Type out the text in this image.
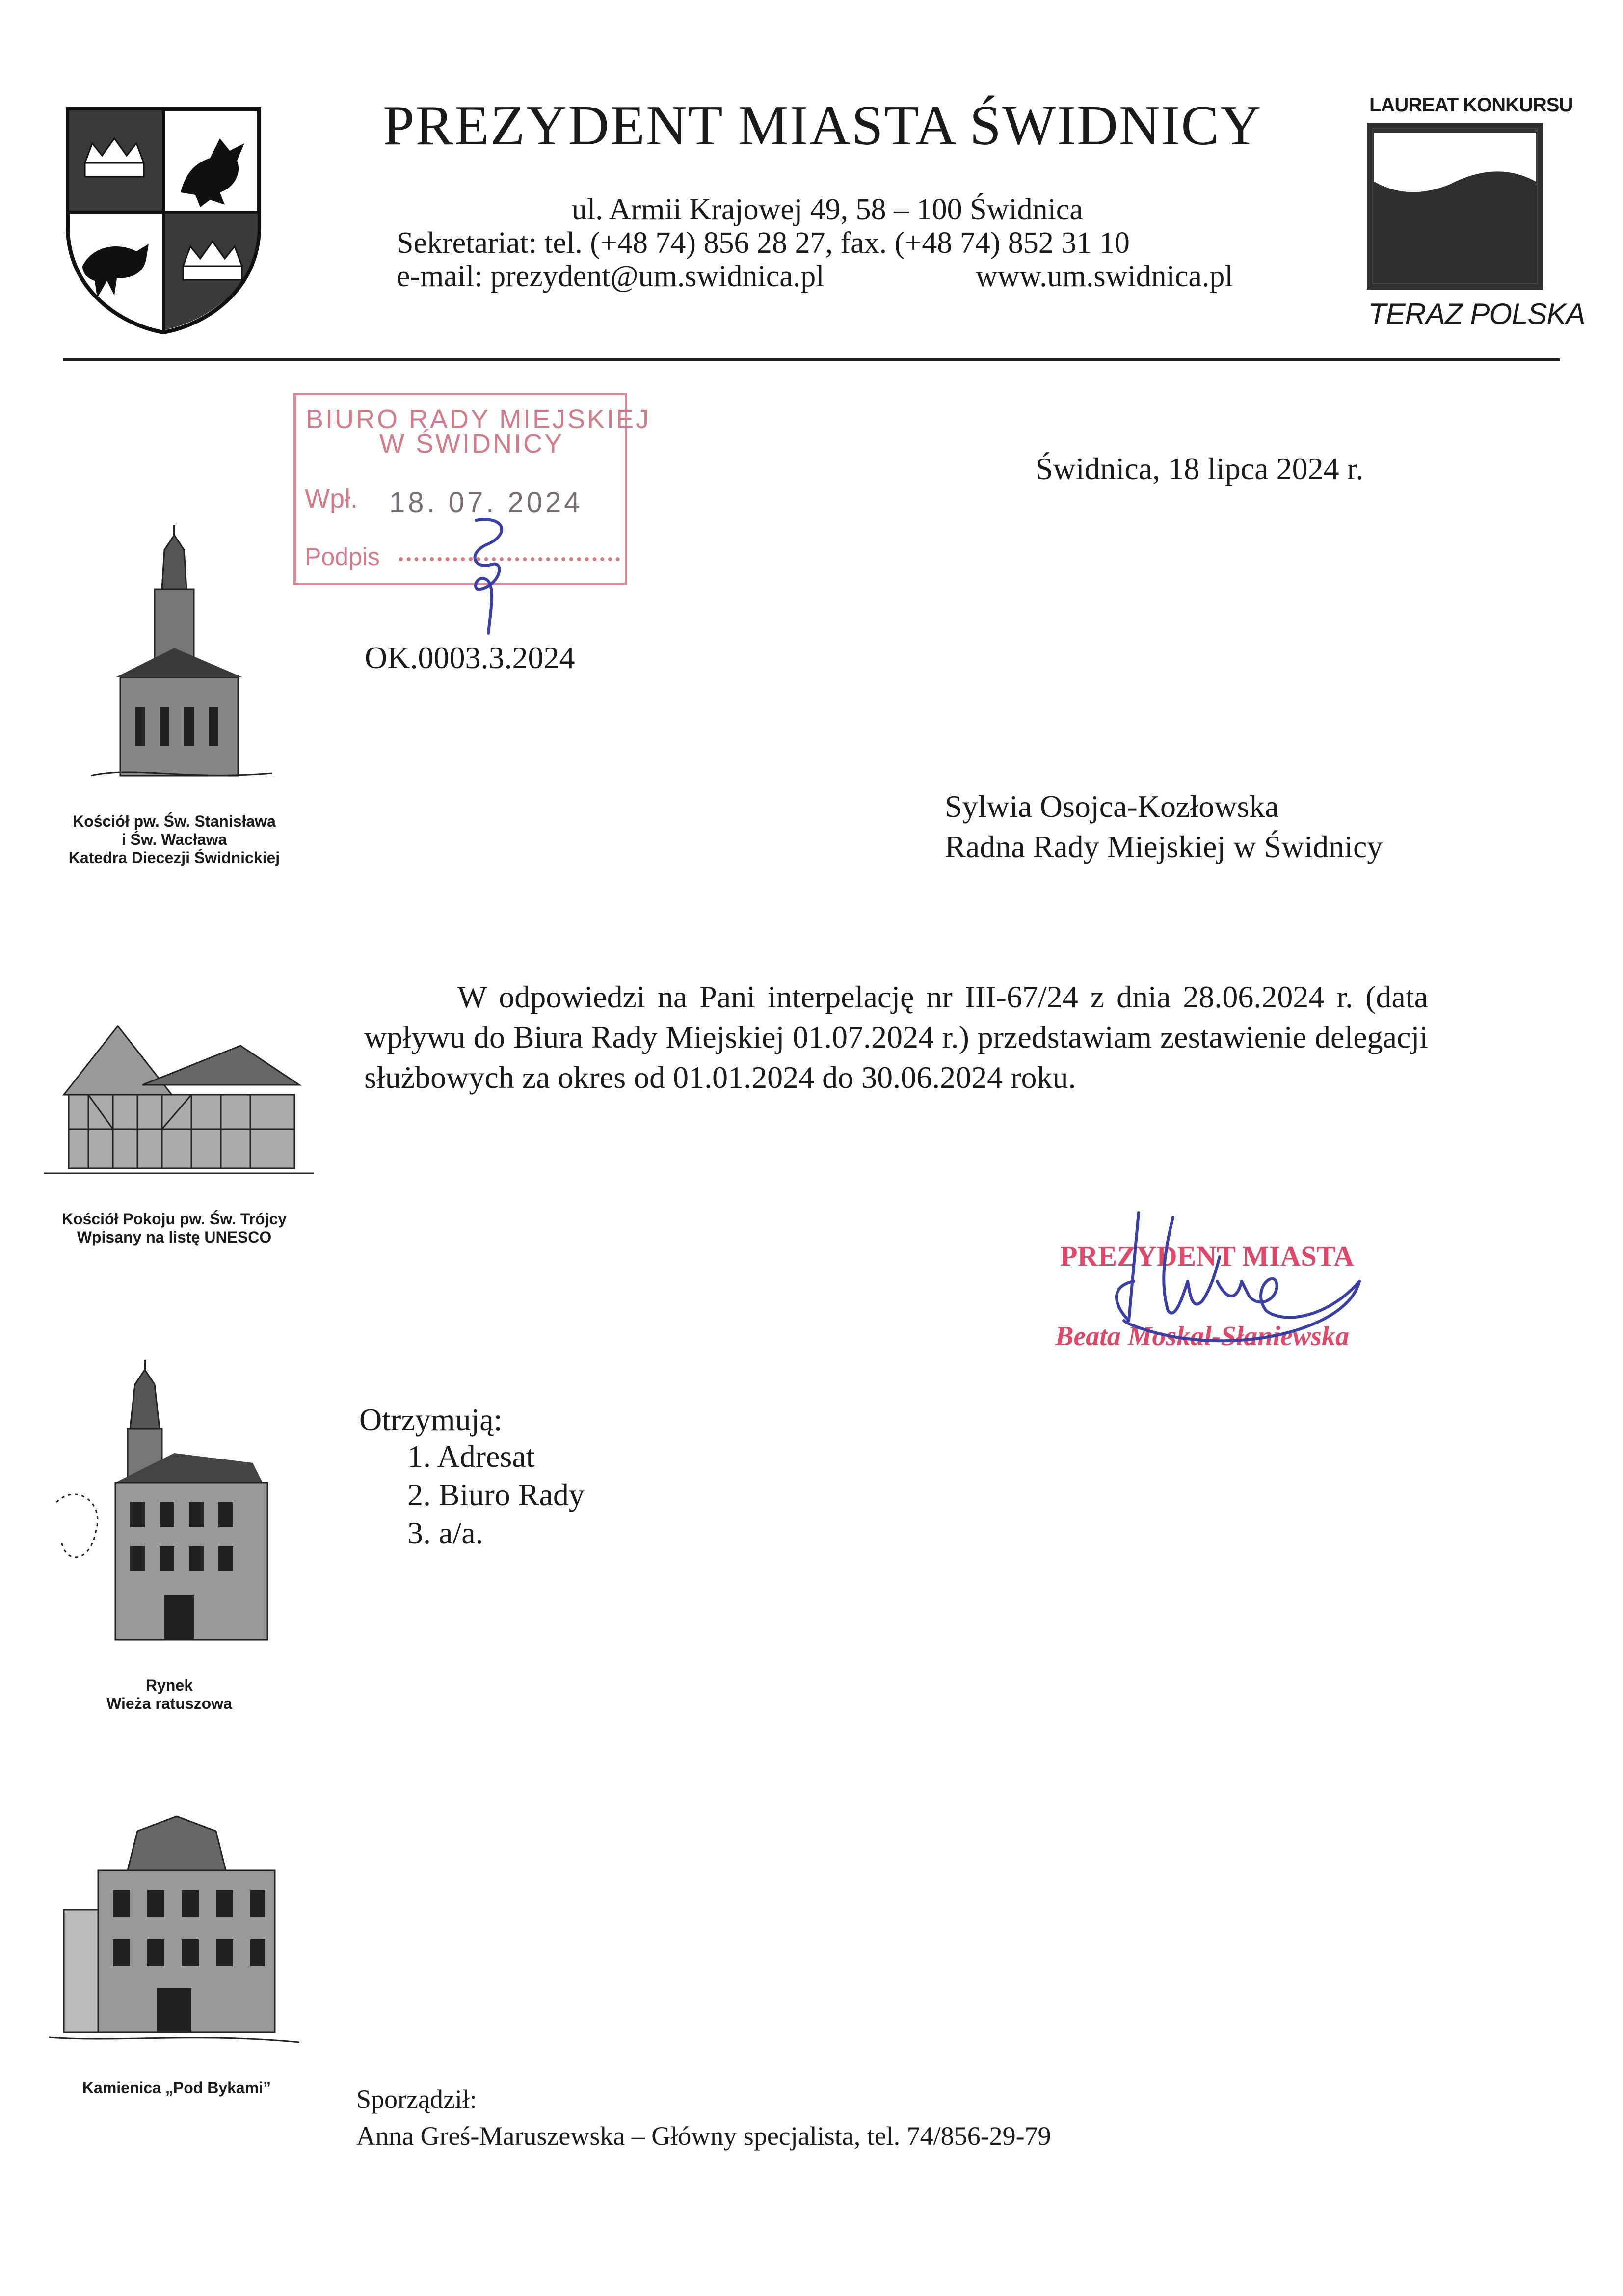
PREZYDENT MIASTA ŚWIDNICY
ul. Armii Krajowej 49, 58 – 100 Świdnica
Sekretariat: tel. (+48 74) 856 28 27, fax. (+48 74) 852 31 10
e-mail: prezydent@um.swidnica.pl	www.um.swidnica.pl
LAUREAT KONKURSU
TERAZ POLSKA
BIURO RADY MIEJSKIEJ
W ŚWIDNICY
Wpł. 18. 07. 2024
Podpis
Świdnica, 18 lipca 2024 r.
OK.0003.3.2024
Sylwia Osojca-Kozłowska
Radna Rady Miejskiej w Świdnicy
W odpowiedzi na Pani interpelację nr III-67/24 z dnia 28.06.2024 r. (data wpływu do Biura Rady Miejskiej 01.07.2024 r.) przedstawiam zestawienie delegacji służbowych za okres od 01.01.2024 do 30.06.2024 roku.
PREZYDENT MIASTA
Beata Moskal-Słaniewska
Otrzymują:
1. Adresat
2. Biuro Rady
3. a/a.
Sporządził:
Anna Greś-Maruszewska – Główny specjalista, tel. 74/856-29-79
Kościół pw. Św. Stanisława
i Św. Wacława
Katedra Diecezji Świdnickiej
Kościół Pokoju pw. Św. Trójcy
Wpisany na listę UNESCO
Rynek
Wieża ratuszowa
Kamienica „Pod Bykami”
